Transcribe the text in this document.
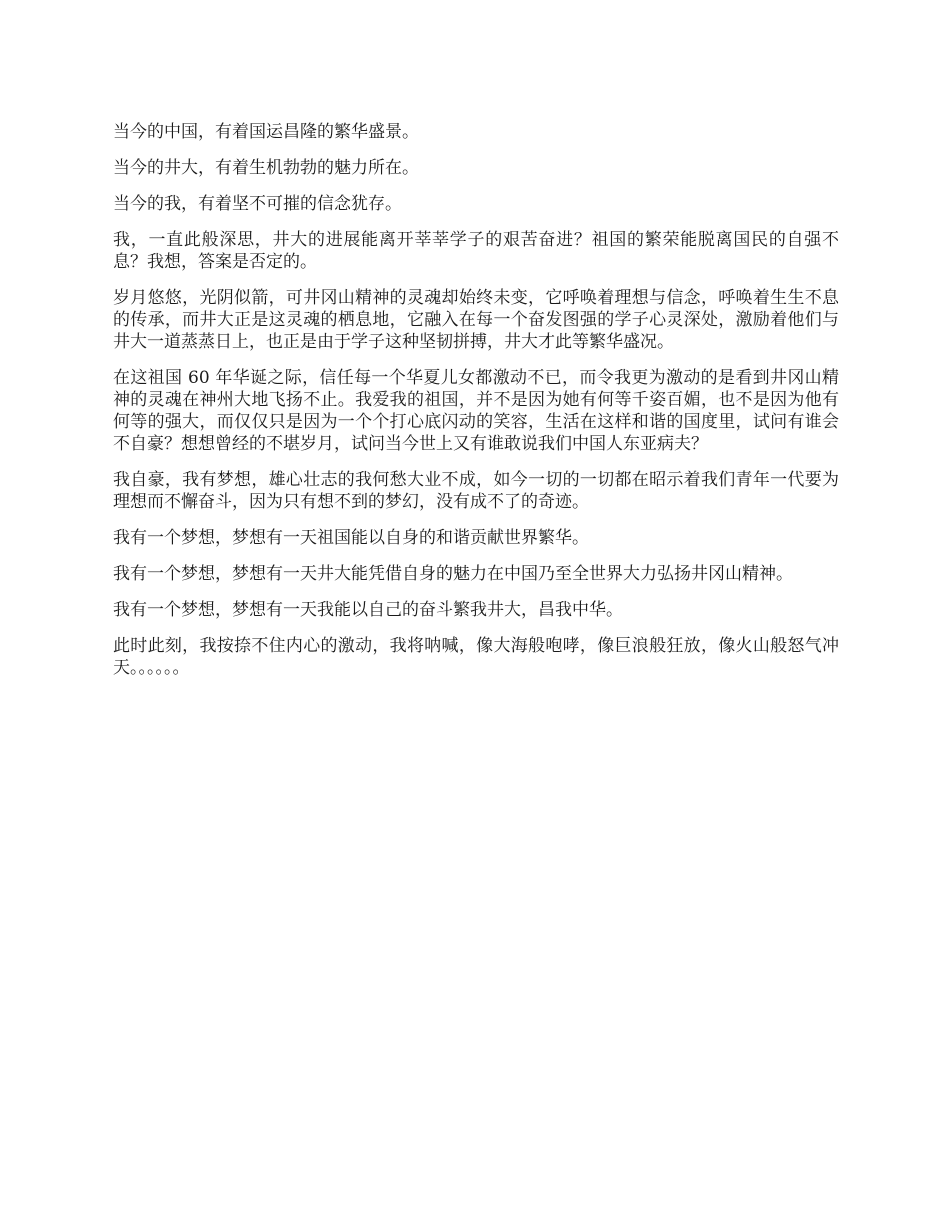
当今的中国，有着国运昌隆的繁华盛景。

当今的井大，有着生机勃勃的魅力所在。

当今的我，有着坚不可摧的信念犹存。

我，一直此般深思，井大的进展能离开莘莘学子的艰苦奋进？祖国的繁荣能脱离国民的自强不息？我想，答案是否定的。

岁月悠悠，光阴似箭，可井冈山精神的灵魂却始终未变，它呼唤着理想与信念，呼唤着生生不息的传承，而井大正是这灵魂的栖息地，它融入在每一个奋发图强的学子心灵深处，激励着他们与井大一道蒸蒸日上，也正是由于学子这种坚韧拼搏，井大才此等繁华盛况。

在这祖国 60 年华诞之际，信任每一个华夏儿女都激动不已，而令我更为激动的是看到井冈山精神的灵魂在神州大地飞扬不止。我爱我的祖国，并不是因为她有何等千姿百媚，也不是因为他有何等的强大，而仅仅只是因为一个个打心底闪动的笑容，生活在这样和谐的国度里，试问有谁会不自豪？想想曾经的不堪岁月，试问当今世上又有谁敢说我们中国人东亚病夫？

我自豪，我有梦想，雄心壮志的我何愁大业不成，如今一切的一切都在昭示着我们青年一代要为理想而不懈奋斗，因为只有想不到的梦幻，没有成不了的奇迹。

我有一个梦想，梦想有一天祖国能以自身的和谐贡献世界繁华。

我有一个梦想，梦想有一天井大能凭借自身的魅力在中国乃至全世界大力弘扬井冈山精神。

我有一个梦想，梦想有一天我能以自己的奋斗繁我井大，昌我中华。

此时此刻，我按捺不住内心的激动，我将呐喊，像大海般咆哮，像巨浪般狂放，像火山般怒气冲天。。。。。。
